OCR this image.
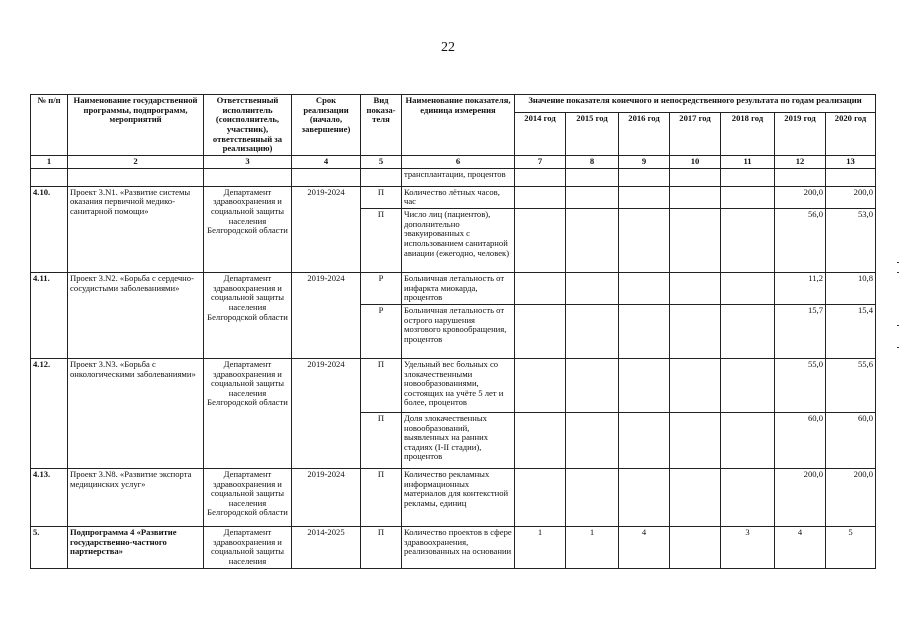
22
№ п/п	Наименование государственной программы, подпрограмм, мероприятий	Ответственный исполнитель (соисполнитель, участник), ответственный за реализацию)	Срок реализации (начало, завершение)	Вид показа-теля	Наименование показателя, единица измерения	Значение показателя конечного и непосредственного результата по годам реализации						
						2014 год	2015 год	2016 год	2017 год	2018 год	2019 год	2020 год
1	2	3	4	5	6	7	8	9	10	11	12	13
					трансплантации, процентов							
4.10.	Проект 3.N1. «Развитие системы оказания первичной медико-санитарной помощи»	Департамент здравоохранения и социальной защиты населения Белгородской области	2019-2024	П	Количество лётных часов, час						200,0	200,0
				П	Число лиц (пациентов), дополнительно эвакуированных с использованием санитарной авиации (ежегодно, человек)						56,0	53,0
4.11.	Проект 3.N2. «Борьба с сердечно-сосудистыми заболеваниями»	Департамент здравоохранения и социальной защиты населения Белгородской области	2019-2024	Р	Больничная летальность от инфаркта миокарда, процентов						11,2	10,8
				Р	Больничная летальность от острого нарушения мозгового кровообращения, процентов						15,7	15,4
4.12.	Проект 3.N3. «Борьба с онкологическими заболеваниями»	Департамент здравоохранения и социальной защиты населения Белгородской области	2019-2024	П	Удельный вес больных со злокачественными новообразованиями, состоящих на учёте 5 лет и более, процентов						55,0	55,6
				П	Доля злокачественных новообразований, выявленных на ранних стадиях (I-II стадии), процентов						60,0	60,0
4.13.	Проект 3.N8. «Развитие экспорта медицинских услуг»	Департамент здравоохранения и социальной защиты населения Белгородской области	2019-2024	П	Количество рекламных информационных материалов для контекстной рекламы, единиц						200,0	200,0
5.	Подпрограмма 4 «Развитие государственно-частного партнерства»	Департамент здравоохранения и социальной защиты населения	2014-2025	П	Количество проектов в сфере здравоохранения, реализованных на основании	1	1	4		3	4	5
